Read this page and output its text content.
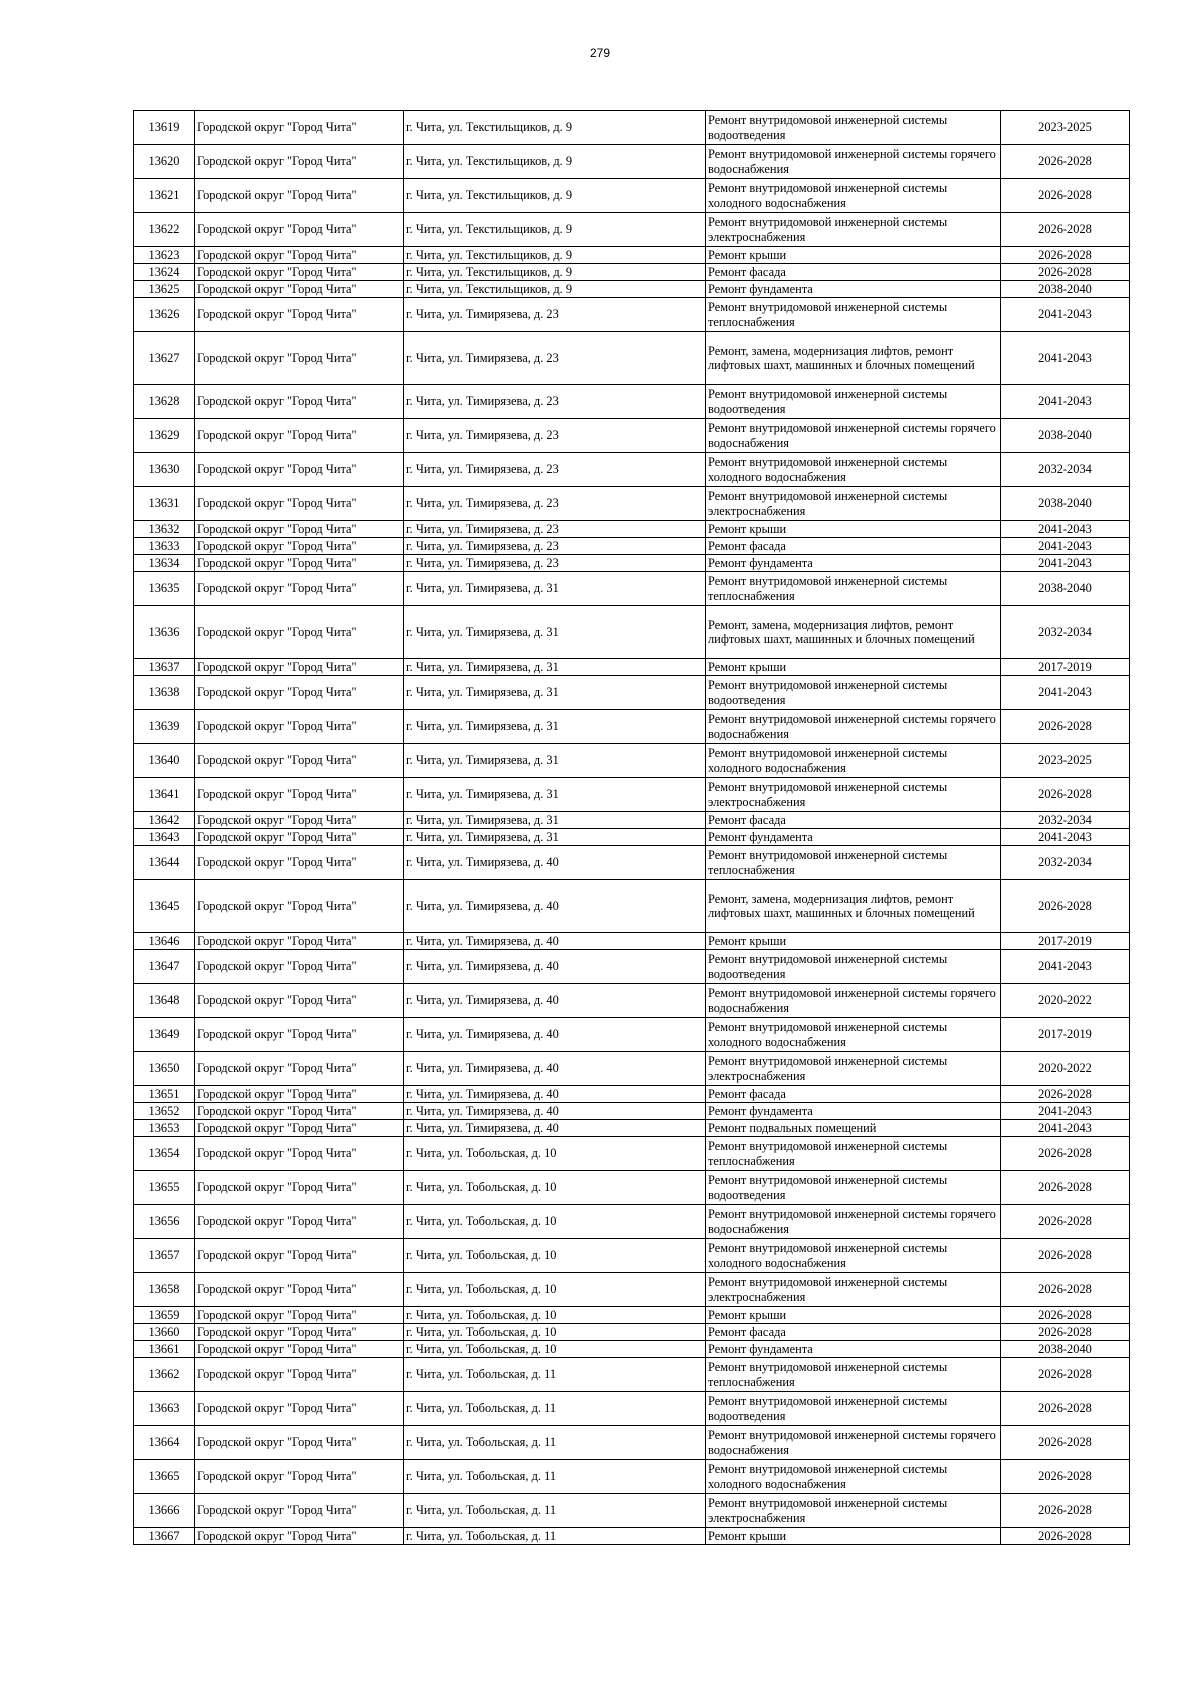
279
13619	Городской округ "Город Чита"	г. Чита, ул. Текстильщиков, д. 9	Ремонт внутридомовой инженерной системы водоотведения	2023-2025
13620	Городской округ "Город Чита"	г. Чита, ул. Текстильщиков, д. 9	Ремонт внутридомовой инженерной системы горячего водоснабжения	2026-2028
13621	Городской округ "Город Чита"	г. Чита, ул. Текстильщиков, д. 9	Ремонт внутридомовой инженерной системы холодного водоснабжения	2026-2028
13622	Городской округ "Город Чита"	г. Чита, ул. Текстильщиков, д. 9	Ремонт внутридомовой инженерной системы электроснабжения	2026-2028
13623	Городской округ "Город Чита"	г. Чита, ул. Текстильщиков, д. 9	Ремонт крыши	2026-2028
13624	Городской округ "Город Чита"	г. Чита, ул. Текстильщиков, д. 9	Ремонт фасада	2026-2028
13625	Городской округ "Город Чита"	г. Чита, ул. Текстильщиков, д. 9	Ремонт фундамента	2038-2040
13626	Городской округ "Город Чита"	г. Чита, ул. Тимирязева, д. 23	Ремонт внутридомовой инженерной системы теплоснабжения	2041-2043
13627	Городской округ "Город Чита"	г. Чита, ул. Тимирязева, д. 23	Ремонт, замена, модернизация лифтов, ремонт лифтовых шахт, машинных и блочных помещений	2041-2043
13628	Городской округ "Город Чита"	г. Чита, ул. Тимирязева, д. 23	Ремонт внутридомовой инженерной системы водоотведения	2041-2043
13629	Городской округ "Город Чита"	г. Чита, ул. Тимирязева, д. 23	Ремонт внутридомовой инженерной системы горячего водоснабжения	2038-2040
13630	Городской округ "Город Чита"	г. Чита, ул. Тимирязева, д. 23	Ремонт внутридомовой инженерной системы холодного водоснабжения	2032-2034
13631	Городской округ "Город Чита"	г. Чита, ул. Тимирязева, д. 23	Ремонт внутридомовой инженерной системы электроснабжения	2038-2040
13632	Городской округ "Город Чита"	г. Чита, ул. Тимирязева, д. 23	Ремонт крыши	2041-2043
13633	Городской округ "Город Чита"	г. Чита, ул. Тимирязева, д. 23	Ремонт фасада	2041-2043
13634	Городской округ "Город Чита"	г. Чита, ул. Тимирязева, д. 23	Ремонт фундамента	2041-2043
13635	Городской округ "Город Чита"	г. Чита, ул. Тимирязева, д. 31	Ремонт внутридомовой инженерной системы теплоснабжения	2038-2040
13636	Городской округ "Город Чита"	г. Чита, ул. Тимирязева, д. 31	Ремонт, замена, модернизация лифтов, ремонт лифтовых шахт, машинных и блочных помещений	2032-2034
13637	Городской округ "Город Чита"	г. Чита, ул. Тимирязева, д. 31	Ремонт крыши	2017-2019
13638	Городской округ "Город Чита"	г. Чита, ул. Тимирязева, д. 31	Ремонт внутридомовой инженерной системы водоотведения	2041-2043
13639	Городской округ "Город Чита"	г. Чита, ул. Тимирязева, д. 31	Ремонт внутридомовой инженерной системы горячего водоснабжения	2026-2028
13640	Городской округ "Город Чита"	г. Чита, ул. Тимирязева, д. 31	Ремонт внутридомовой инженерной системы холодного водоснабжения	2023-2025
13641	Городской округ "Город Чита"	г. Чита, ул. Тимирязева, д. 31	Ремонт внутридомовой инженерной системы электроснабжения	2026-2028
13642	Городской округ "Город Чита"	г. Чита, ул. Тимирязева, д. 31	Ремонт фасада	2032-2034
13643	Городской округ "Город Чита"	г. Чита, ул. Тимирязева, д. 31	Ремонт фундамента	2041-2043
13644	Городской округ "Город Чита"	г. Чита, ул. Тимирязева, д. 40	Ремонт внутридомовой инженерной системы теплоснабжения	2032-2034
13645	Городской округ "Город Чита"	г. Чита, ул. Тимирязева, д. 40	Ремонт, замена, модернизация лифтов, ремонт лифтовых шахт, машинных и блочных помещений	2026-2028
13646	Городской округ "Город Чита"	г. Чита, ул. Тимирязева, д. 40	Ремонт крыши	2017-2019
13647	Городской округ "Город Чита"	г. Чита, ул. Тимирязева, д. 40	Ремонт внутридомовой инженерной системы водоотведения	2041-2043
13648	Городской округ "Город Чита"	г. Чита, ул. Тимирязева, д. 40	Ремонт внутридомовой инженерной системы горячего водоснабжения	2020-2022
13649	Городской округ "Город Чита"	г. Чита, ул. Тимирязева, д. 40	Ремонт внутридомовой инженерной системы холодного водоснабжения	2017-2019
13650	Городской округ "Город Чита"	г. Чита, ул. Тимирязева, д. 40	Ремонт внутридомовой инженерной системы электроснабжения	2020-2022
13651	Городской округ "Город Чита"	г. Чита, ул. Тимирязева, д. 40	Ремонт фасада	2026-2028
13652	Городской округ "Город Чита"	г. Чита, ул. Тимирязева, д. 40	Ремонт фундамента	2041-2043
13653	Городской округ "Город Чита"	г. Чита, ул. Тимирязева, д. 40	Ремонт подвальных помещений	2041-2043
13654	Городской округ "Город Чита"	г. Чита, ул. Тобольская, д. 10	Ремонт внутридомовой инженерной системы теплоснабжения	2026-2028
13655	Городской округ "Город Чита"	г. Чита, ул. Тобольская, д. 10	Ремонт внутридомовой инженерной системы водоотведения	2026-2028
13656	Городской округ "Город Чита"	г. Чита, ул. Тобольская, д. 10	Ремонт внутридомовой инженерной системы горячего водоснабжения	2026-2028
13657	Городской округ "Город Чита"	г. Чита, ул. Тобольская, д. 10	Ремонт внутридомовой инженерной системы холодного водоснабжения	2026-2028
13658	Городской округ "Город Чита"	г. Чита, ул. Тобольская, д. 10	Ремонт внутридомовой инженерной системы электроснабжения	2026-2028
13659	Городской округ "Город Чита"	г. Чита, ул. Тобольская, д. 10	Ремонт крыши	2026-2028
13660	Городской округ "Город Чита"	г. Чита, ул. Тобольская, д. 10	Ремонт фасада	2026-2028
13661	Городской округ "Город Чита"	г. Чита, ул. Тобольская, д. 10	Ремонт фундамента	2038-2040
13662	Городской округ "Город Чита"	г. Чита, ул. Тобольская, д. 11	Ремонт внутридомовой инженерной системы теплоснабжения	2026-2028
13663	Городской округ "Город Чита"	г. Чита, ул. Тобольская, д. 11	Ремонт внутридомовой инженерной системы водоотведения	2026-2028
13664	Городской округ "Город Чита"	г. Чита, ул. Тобольская, д. 11	Ремонт внутридомовой инженерной системы горячего водоснабжения	2026-2028
13665	Городской округ "Город Чита"	г. Чита, ул. Тобольская, д. 11	Ремонт внутридомовой инженерной системы холодного водоснабжения	2026-2028
13666	Городской округ "Город Чита"	г. Чита, ул. Тобольская, д. 11	Ремонт внутридомовой инженерной системы электроснабжения	2026-2028
13667	Городской округ "Город Чита"	г. Чита, ул. Тобольская, д. 11	Ремонт крыши	2026-2028
